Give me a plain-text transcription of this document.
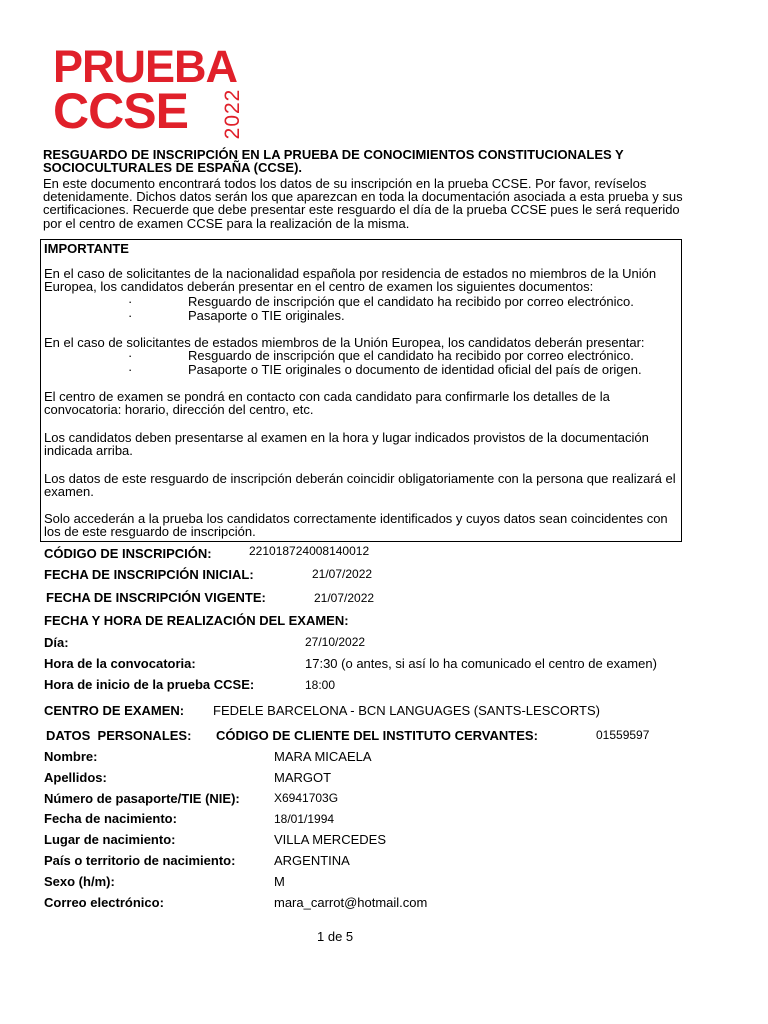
PRUEBA
CCSE 2022
RESGUARDO DE INSCRIPCIÓN EN LA PRUEBA DE CONOCIMIENTOS CONSTITUCIONALES Y SOCIOCULTURALES DE ESPAÑA (CCSE).
En este documento encontrará todos los datos de su inscripción en la prueba CCSE. Por favor, revíselos detenidamente. Dichos datos serán los que aparezcan en toda la documentación asociada a esta prueba y sus certificaciones. Recuerde que debe presentar este resguardo el día de la prueba CCSE pues le será requerido por el centro de examen CCSE para la realización de la misma.
IMPORTANTE
En el caso de solicitantes de la nacionalidad española por residencia de estados no miembros de la Unión Europea, los candidatos deberán presentar en el centro de examen los siguientes documentos:
·	Resguardo de inscripción que el candidato ha recibido por correo electrónico.
·	Pasaporte o TIE originales.
En el caso de solicitantes de estados miembros de la Unión Europea, los candidatos deberán presentar:
·	Resguardo de inscripción que el candidato ha recibido por correo electrónico.
·	Pasaporte o TIE originales o documento de identidad oficial del país de origen.
El centro de examen se pondrá en contacto con cada candidato para confirmarle los detalles de la convocatoria: horario, dirección del centro, etc.
Los candidatos deben presentarse al examen en la hora y lugar indicados provistos de la documentación indicada arriba.
Los datos de este resguardo de inscripción deberán coincidir obligatoriamente con la persona que realizará el examen.
Solo accederán a la prueba los candidatos correctamente identificados y cuyos datos sean coincidentes con los de este resguardo de inscripción.
CÓDIGO DE INSCRIPCIÓN:	221018724008140012
FECHA DE INSCRIPCIÓN INICIAL:	21/07/2022
FECHA DE INSCRIPCIÓN VIGENTE:	21/07/2022
FECHA Y HORA DE REALIZACIÓN DEL EXAMEN:
Día:	27/10/2022
Hora de la convocatoria:	17:30 (o antes, si así lo ha comunicado el centro de examen)
Hora de inicio de la prueba CCSE:	18:00
CENTRO DE EXAMEN: FEDELE BARCELONA - BCN LANGUAGES (SANTS-LESCORTS)
DATOS  PERSONALES: CÓDIGO DE CLIENTE DEL INSTITUTO CERVANTES:	01559597
Nombre:	MARA MICAELA
Apellidos:	MARGOT
Número de pasaporte/TIE (NIE):	X6941703G
Fecha de nacimiento:	18/01/1994
Lugar de nacimiento:	VILLA MERCEDES
País o territorio de nacimiento:	ARGENTINA
Sexo (h/m):	M
Correo electrónico:	mara_carrot@hotmail.com
1 de 5
